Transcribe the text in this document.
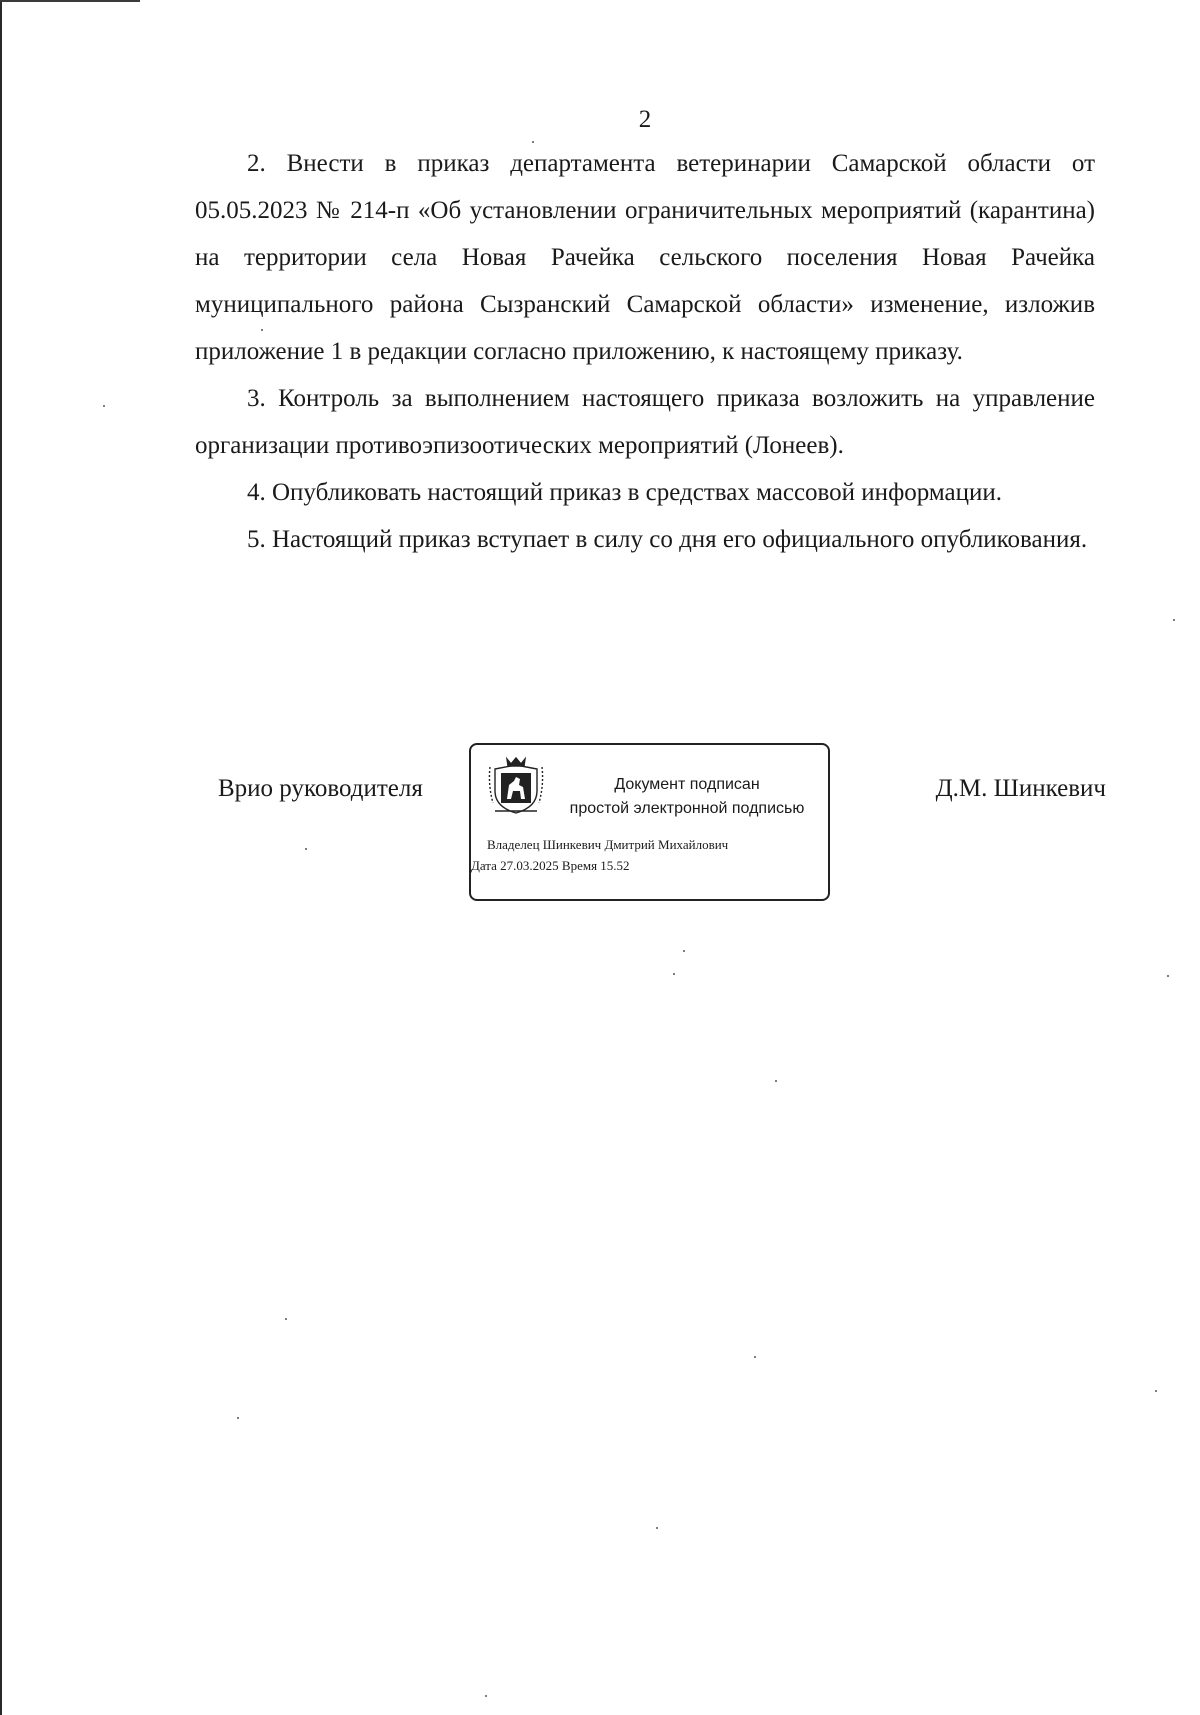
2

2. Внести в приказ департамента ветеринарии Самарской области от 05.05.2023 № 214-п «Об установлении ограничительных мероприятий (карантина) на территории села Новая Рачейка сельского поселения Новая Рачейка муниципального района Сызранский Самарской области» изменение, изложив приложение 1 в редакции согласно приложению, к настоящему приказу.

3. Контроль за выполнением настоящего приказа возложить на управление организации противоэпизоотических мероприятий (Лонеев).

4. Опубликовать настоящий приказ в средствах массовой информации.

5. Настоящий приказ вступает в силу со дня его официального опубликования.

Врио руководителя	Документ подписан
простой электронной подписью
Владелец Шинкевич Дмитрий Михайлович
Дата 27.03.2025 Время 15.52
Д.М. Шинкевич
